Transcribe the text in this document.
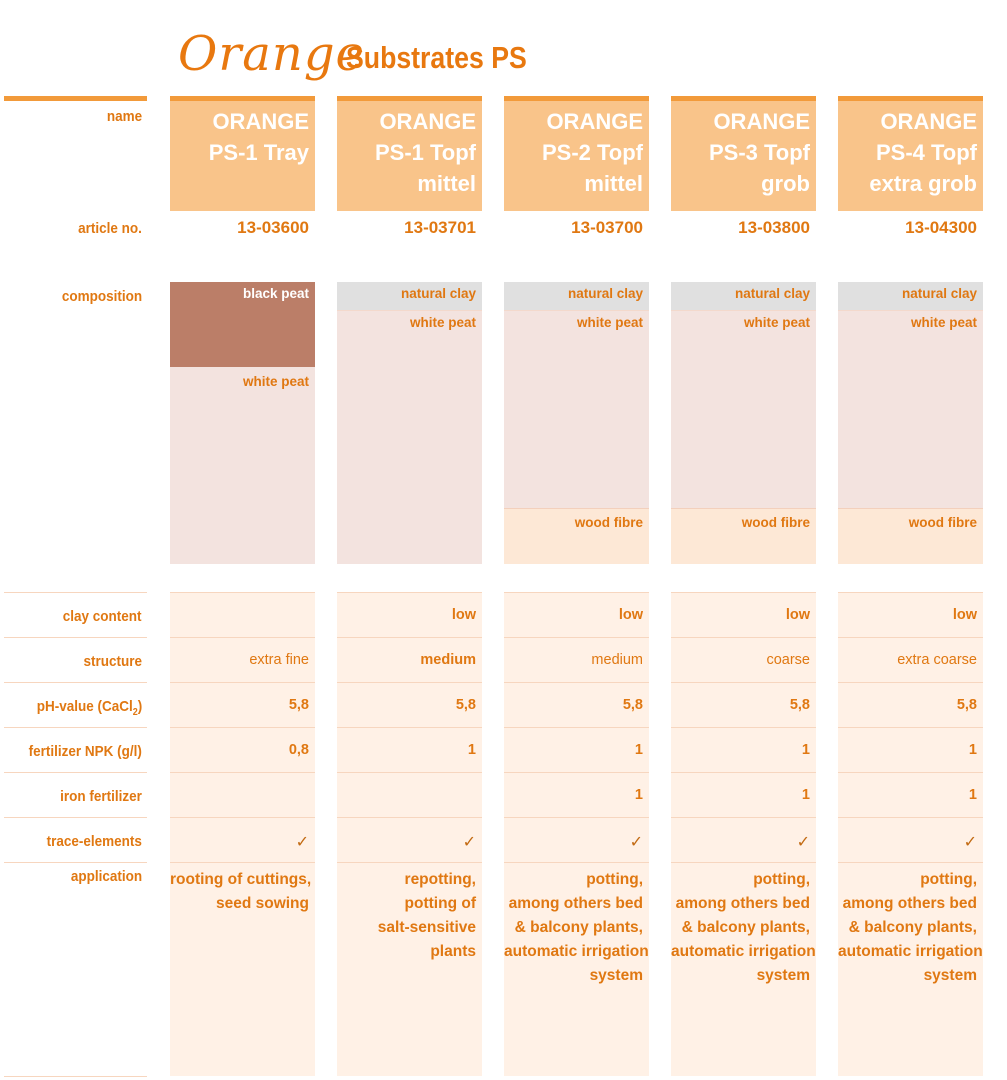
Orange
Substrates PS
name
article no.
composition
clay content
structure
pH-value (CaCl$_2$)
fertilizer NPK (g/l)
iron fertilizer
trace-elements
application
ORANGE
PS-1 Tray
13-03600
black peat
white peat
extra fine
5,8
0,8
✓
rooting of cuttings,
seed sowing
ORANGE
PS-1 Topf
mittel
13-03701
natural clay
white peat
low
medium
5,8
1
✓
repotting,
potting of
salt-sensitive
plants
ORANGE
PS-2 Topf
mittel
13-03700
natural clay
white peat
wood fibre
low
medium
5,8
1
1
✓
potting,
among others bed
& balcony plants,
automatic irrigation
system
ORANGE
PS-3 Topf
grob
13-03800
natural clay
white peat
wood fibre
low
coarse
5,8
1
1
✓
potting,
among others bed
& balcony plants,
automatic irrigation
system
ORANGE
PS-4 Topf
extra grob
13-04300
natural clay
white peat
wood fibre
low
extra coarse
5,8
1
1
✓
potting,
among others bed
& balcony plants,
automatic irrigation
system
